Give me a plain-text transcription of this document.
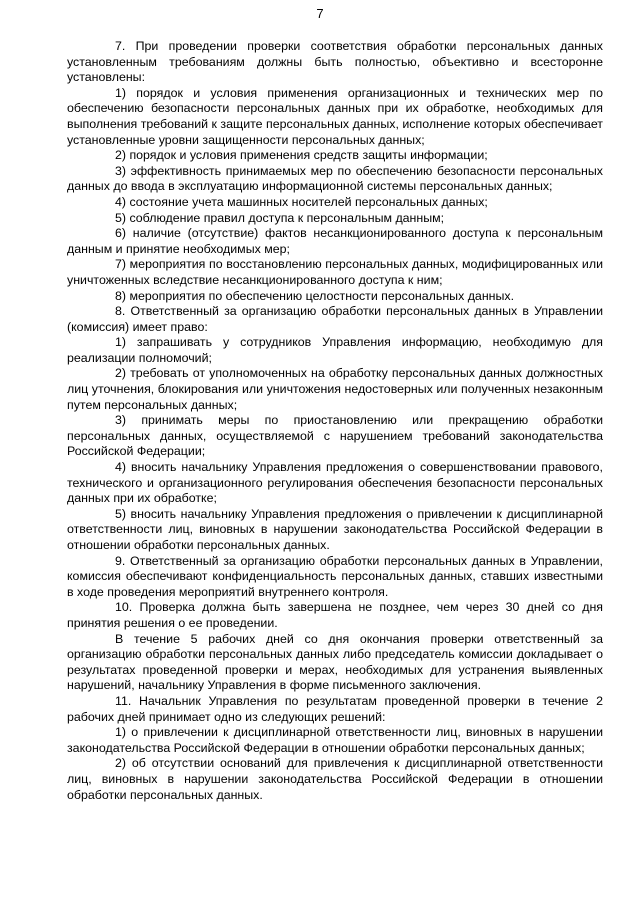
7

7. При проведении проверки соответствия обработки персональных данных установленным требованиям должны быть полностью, объективно и всесторонне установлены:

1) порядок и условия применения организационных и технических мер по обеспечению безопасности персональных данных при их обработке, необходимых для выполнения требований к защите персональных данных, исполнение которых обеспечивает установленные уровни защищенности персональных данных;

2) порядок и условия применения средств защиты информации;

3) эффективность принимаемых мер по обеспечению безопасности персональных данных до ввода в эксплуатацию информационной системы персональных данных;

4) состояние учета машинных носителей персональных данных;

5) соблюдение правил доступа к персональным данным;

6) наличие (отсутствие) фактов несанкционированного доступа к персональным данным и принятие необходимых мер;

7) мероприятия по восстановлению персональных данных, модифицированных или уничтоженных вследствие несанкционированного доступа к ним;

8) мероприятия по обеспечению целостности персональных данных.

8. Ответственный за организацию обработки персональных данных в Управлении (комиссия) имеет право:

1) запрашивать у сотрудников Управления информацию, необходимую для реализации полномочий;

2) требовать от уполномоченных на обработку персональных данных должностных лиц уточнения, блокирования или уничтожения недостоверных или полученных незаконным путем персональных данных;

3) принимать меры по приостановлению или прекращению обработки персональных данных, осуществляемой с нарушением требований законодательства Российской Федерации;

4) вносить начальнику Управления предложения о совершенствовании правового, технического и организационного регулирования обеспечения безопасности персональных данных при их обработке;

5) вносить начальнику Управления предложения о привлечении к дисциплинарной ответственности лиц, виновных в нарушении законодательства Российской Федерации в отношении обработки персональных данных.

9. Ответственный за организацию обработки персональных данных в Управлении, комиссия обеспечивают конфиденциальность персональных данных, ставших известными в ходе проведения мероприятий внутреннего контроля.

10. Проверка должна быть завершена не позднее, чем через 30 дней со дня принятия решения о ее проведении.

В течение 5 рабочих дней со дня окончания проверки ответственный за организацию обработки персональных данных либо председатель комиссии докладывает о результатах проведенной проверки и мерах, необходимых для устранения выявленных нарушений, начальнику Управления в форме письменного заключения.

11. Начальник Управления по результатам проведенной проверки в течение 2 рабочих дней принимает одно из следующих решений:

1) о привлечении к дисциплинарной ответственности лиц, виновных в нарушении законодательства Российской Федерации в отношении обработки персональных данных;

2) об отсутствии оснований для привлечения к дисциплинарной ответственности лиц, виновных в нарушении законодательства Российской Федерации в отношении обработки персональных данных.
